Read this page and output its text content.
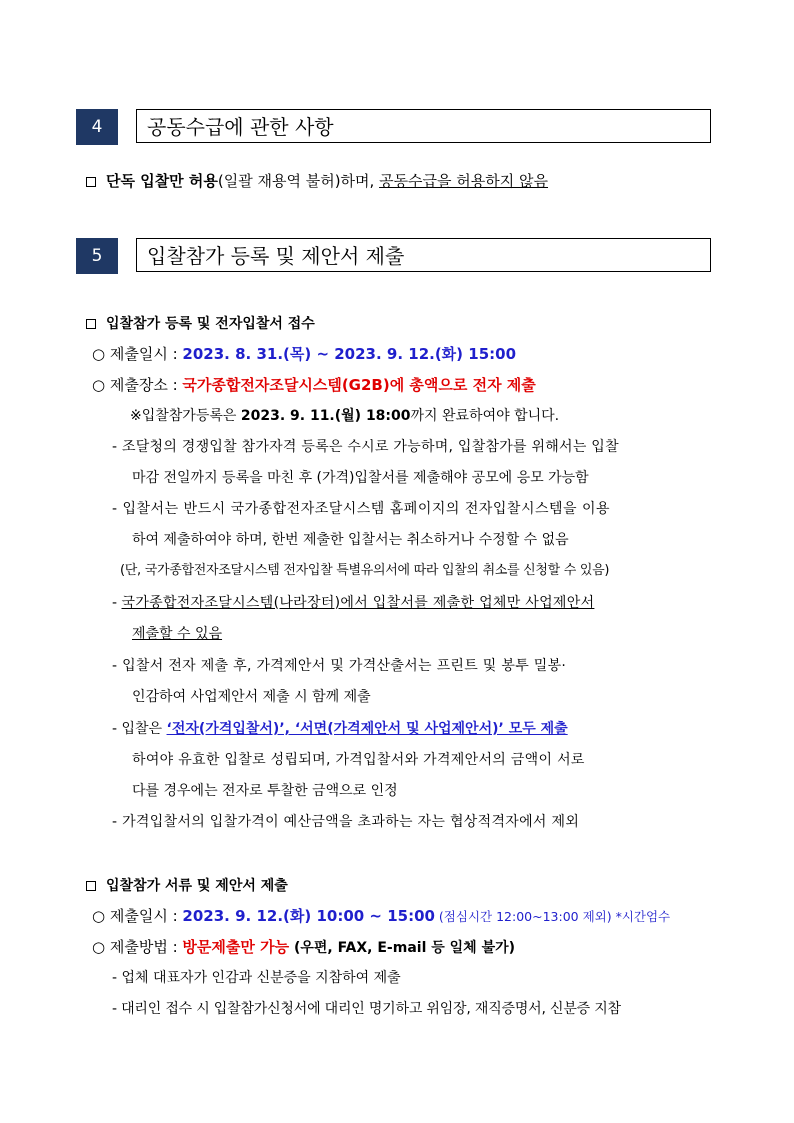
4	공동수급에 관한 사항
단독 입찰만 허용(일괄 재용역 불허)하며, 공동수급을 허용하지 않음
5	입찰참가 등록 및 제안서 제출
입찰참가 등록 및 전자입찰서 접수
○ 제출일시 : 2023. 8. 31.(목) ~ 2023. 9. 12.(화) 15:00
○ 제출장소 : 국가종합전자조달시스템(G2B)에 총액으로 전자 제출
※입찰참가등록은 2023. 9. 11.(월) 18:00까지 완료하여야 합니다.
- 조달청의 경쟁입찰 참가자격 등록은 수시로 가능하며, 입찰참가를 위해서는 입찰
마감 전일까지 등록을 마친 후 (가격)입찰서를 제출해야 공모에 응모 가능함
- 입찰서는 반드시 국가종합전자조달시스템 홈페이지의 전자입찰시스템을 이용
하여 제출하여야 하며, 한번 제출한 입찰서는 취소하거나 수정할 수 없음
(단, 국가종합전자조달시스템 전자입찰 특별유의서에 따라 입찰의 취소를 신청할 수 있음)
- 국가종합전자조달시스템(나라장터)에서 입찰서를 제출한 업체만 사업제안서
제출할 수 있음
- 입찰서 전자 제출 후, 가격제안서 및 가격산출서는 프린트 및 봉투 밀봉·
인감하여 사업제안서 제출 시 함께 제출
- 입찰은 ‘전자(가격입찰서)’, ‘서면(가격제안서 및 사업제안서)’ 모두 제출
하여야 유효한 입찰로 성립되며, 가격입찰서와 가격제안서의 금액이 서로
다를 경우에는 전자로 투찰한 금액으로 인정
- 가격입찰서의 입찰가격이 예산금액을 초과하는 자는 협상적격자에서 제외
입찰참가 서류 및 제안서 제출
○ 제출일시 : 2023. 9. 12.(화) 10:00 ~ 15:00 (점심시간 12:00~13:00 제외) *시간엄수
○ 제출방법 : 방문제출만 가능 (우편, FAX, E-mail 등 일체 불가)
- 업체 대표자가 인감과 신분증을 지참하여 제출
- 대리인 접수 시 입찰참가신청서에 대리인 명기하고 위임장, 재직증명서, 신분증 지참
